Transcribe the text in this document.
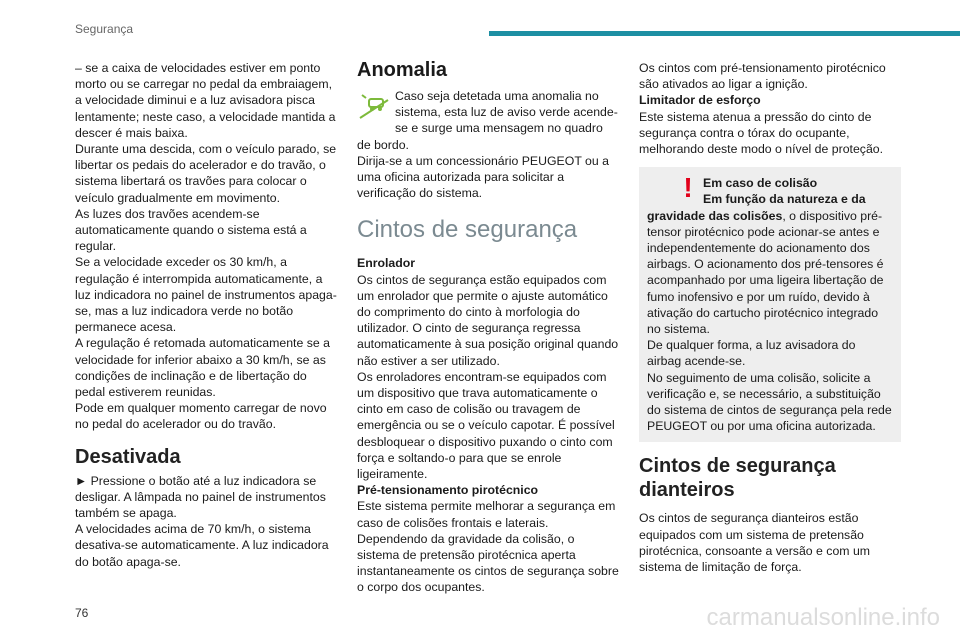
Segurança

– se a caixa de velocidades estiver em ponto morto ou se carregar no pedal da embraiagem, a velocidade diminui e a luz avisadora pisca lentamente; neste caso, a velocidade mantida a descer é mais baixa.

Durante uma descida, com o veículo parado, se libertar os pedais do acelerador e do travão, o sistema libertará os travões para colocar o veículo gradualmente em movimento.

As luzes dos travões acendem-se automaticamente quando o sistema está a regular.

Se a velocidade exceder os 30 km/h, a regulação é interrompida automaticamente, a luz indicadora no painel de instrumentos apaga-se, mas a luz indicadora verde no botão permanece acesa.

A regulação é retomada automaticamente se a velocidade for inferior abaixo a 30 km/h, se as condições de inclinação e de libertação do pedal estiverem reunidas.

Pode em qualquer momento carregar de novo no pedal do acelerador ou do travão.

Desativada

► Pressione o botão até a luz indicadora se desligar. A lâmpada no painel de instrumentos também se apaga.

A velocidades acima de 70 km/h, o sistema desativa-se automaticamente. A luz indicadora do botão apaga-se.

Anomalia

Caso seja detetada uma anomalia no sistema, esta luz de aviso verde acende-se e surge uma mensagem no quadro de bordo.

Dirija-se a um concessionário PEUGEOT ou a uma oficina autorizada para solicitar a verificação do sistema.

Cintos de segurança

Enrolador

Os cintos de segurança estão equipados com um enrolador que permite o ajuste automático do comprimento do cinto à morfologia do utilizador. O cinto de segurança regressa automaticamente à sua posição original quando não estiver a ser utilizado.

Os enroladores encontram-se equipados com um dispositivo que trava automaticamente o cinto em caso de colisão ou travagem de emergência ou se o veículo capotar. É possível desbloquear o dispositivo puxando o cinto com força e soltando-o para que se enrole ligeiramente.

Pré-tensionamento pirotécnico

Este sistema permite melhorar a segurança em caso de colisões frontais e laterais.

Dependendo da gravidade da colisão, o sistema de pretensão pirotécnica aperta instantaneamente os cintos de segurança sobre o corpo dos ocupantes.

Os cintos com pré-tensionamento pirotécnico são ativados ao ligar a ignição.

Limitador de esforço

Este sistema atenua a pressão do cinto de segurança contra o tórax do ocupante, melhorando deste modo o nível de proteção.

! Em caso de colisão

Em função da natureza e da gravidade das colisões, o dispositivo pré-tensor pirotécnico pode acionar-se antes e independentemente do acionamento dos airbags. O acionamento dos pré-tensores é acompanhado por uma ligeira libertação de fumo inofensivo e por um ruído, devido à ativação do cartucho pirotécnico integrado no sistema.

De qualquer forma, a luz avisadora do airbag acende-se.

No seguimento de uma colisão, solicite a verificação e, se necessário, a substituição do sistema de cintos de segurança pela rede PEUGEOT ou por uma oficina autorizada.

Cintos de segurança dianteiros

Os cintos de segurança dianteiros estão equipados com um sistema de pretensão pirotécnica, consoante a versão e com um sistema de limitação de força.

76	carmanualsonline.info
